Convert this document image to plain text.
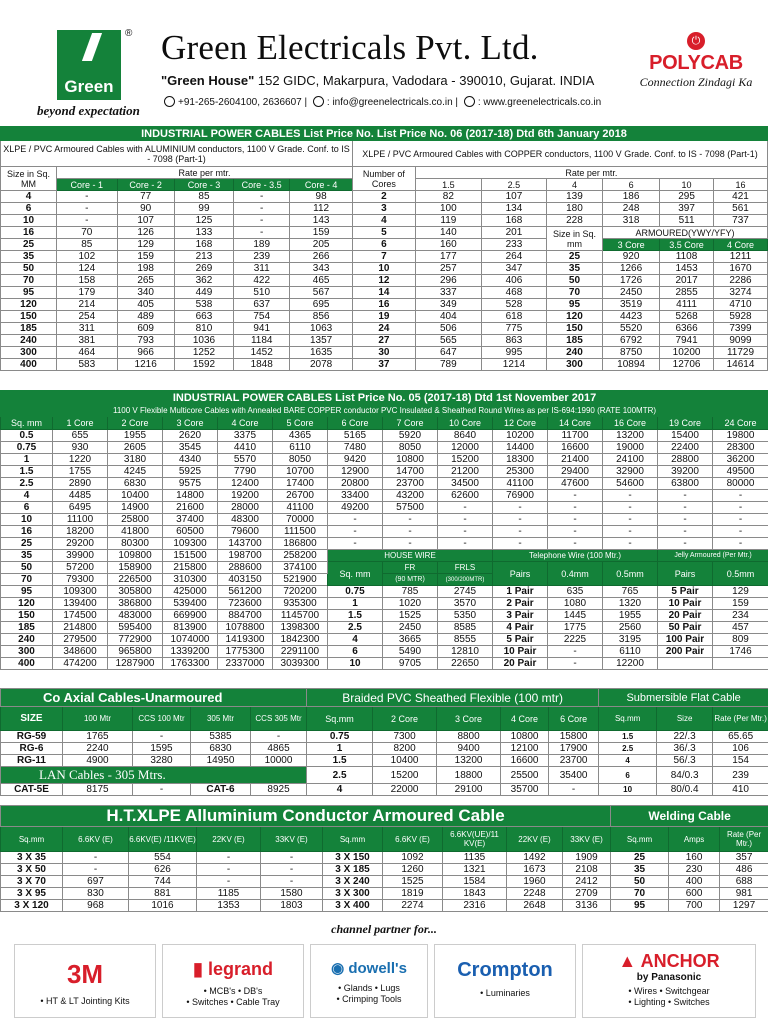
Green
®
beyond expectation
Green Electricals Pvt. Ltd.
"Green House" 152 GIDC, Makarpura, Vadodara - 390010, Gujarat. INDIA
+91-265-2604100, 2636607 | : info@greenelectricals.co.in | : www.greenelectricals.co.in
⏻
POLYCAB
Connection Zindagi Ka
INDUSTRIAL POWER CABLES List Price No. List Price No. 06 (2017-18) Dtd 6th January 2018												
XLPE / PVC Armoured Cables with ALUMINIUM conductors, 1100 V Grade. Conf. to IS - 7098 (Part-1)						XLPE / PVC Armoured Cables with COPPER conductors, 1100 V Grade. Conf. to IS - 7098 (Part-1)						
Size in Sq. MM	Rate per mtr.					Number of Cores	Rate per mtr.					
	Core - 1	Core - 2	Core - 3	Core - 3.5	Core - 4		1.5	2.5	4	6	10	16
4	-	77	85	-	98	2	82	107	139	186	295	421
6	-	90	99	-	112	3	100	134	180	248	397	561
10	-	107	125	-	143	4	119	168	228	318	511	737
16	70	126	133	-	159	5	140	201	Size in Sq. mm	ARMOURED(YWY/YFY)		
25	85	129	168	189	205	6	160	233		3 Core	3.5 Core	4 Core
35	102	159	213	239	266	7	177	264	25	920	1108	1211
50	124	198	269	311	343	10	257	347	35	1266	1453	1670
70	158	265	362	422	465	12	296	406	50	1726	2017	2286
95	179	340	449	510	567	14	337	468	70	2450	2855	3274
120	214	405	538	637	695	16	349	528	95	3519	4111	4710
150	254	489	663	754	856	19	404	618	120	4423	5268	5928
185	311	609	810	941	1063	24	506	775	150	5520	6366	7399
240	381	793	1036	1184	1357	27	565	863	185	6792	7941	9099
300	464	966	1252	1452	1635	30	647	995	240	8750	10200	11729
400	583	1216	1592	1848	2078	37	789	1214	300	10894	12706	14614
INDUSTRIAL POWER CABLES List Price No. 05 (2017-18) Dtd 1st November 2017													
1100 V Flexible Multicore Cables with Annealed BARE COPPER conductor PVC Insulated & Sheathed Round Wires as per IS-694:1990 (RATE 100MTR)													
Sq. mm	1 Core	2 Core	3 Core	4 Core	5 Core	6 Core	7 Core	10 Core	12 Core	14 Core	16 Core	19 Core	24 Core
0.5	655	1955	2620	3375	4365	5165	5920	8640	10200	11700	13200	15400	19800
0.75	930	2605	3545	4410	6110	7480	8050	12000	14400	16600	19000	22400	28300
1	1220	3180	4340	5570	8050	9420	10800	15200	18300	21400	24100	28800	36200
1.5	1755	4245	5925	7790	10700	12900	14700	21200	25300	29400	32900	39200	49500
2.5	2890	6830	9575	12400	17400	20800	23700	34500	41100	47600	54600	63800	80000
4	4485	10400	14800	19200	26700	33400	43200	62600	76900	-	-	-	-
6	6495	14900	21600	28000	41100	49200	57500	-	-	-	-	-	-
10	11100	25800	37400	48300	70000	-	-	-	-	-	-	-	-
16	18200	41800	60500	79600	111500	-	-	-	-	-	-	-	-
25	29200	80300	109300	143700	186800	-	-	-	-	-	-	-	-
35	39900	109800	151500	198700	258200	HOUSE WIRE			Telephone Wire (100 Mtr.)			Jelly Armoured (Per Mtr.)	
50	57200	158900	215800	288600	374100	Sq. mm	FR	FRLS	Pairs	0.4mm	0.5mm	Pairs	0.5mm
70	79300	226500	310300	403150	521900		(90 MTR)	(300/200MTR)					
95	109300	305800	425000	561200	720200	0.75	785	2745	1 Pair	635	765	5 Pair	129
120	139400	386800	539400	723600	935300	1	1020	3570	2 Pair	1080	1320	10 Pair	159
150	174500	483000	669900	884700	1145700	1.5	1525	5350	3 Pair	1445	1955	20 Pair	234
185	214800	595400	813900	1078800	1398300	2.5	2450	8585	4 Pair	1775	2560	50 Pair	457
240	279500	772900	1074000	1419300	1842300	4	3665	8555	5 Pair	2225	3195	100 Pair	809
300	348600	965800	1339200	1775300	2291100	6	5490	12810	10 Pair	-	6110	200 Pair	1746
400	474200	1287900	1763300	2337000	3039300	10	9705	22650	20 Pair	-	12200		
Co Axial Cables-Unarmoured					Braided PVC Sheathed Flexible (100 mtr)					Submersible Flat Cable		
SIZE	100 Mtr	CCS 100 Mtr	305 Mtr	CCS 305 Mtr	Sq.mm	2 Core	3 Core	4 Core	6 Core	Sq.mm	Size	Rate (Per Mtr.)
RG-59	1765	-	5385	-	0.75	7300	8800	10800	15800	1.5	22/.3	65.65
RG-6	2240	1595	6830	4865	1	8200	9400	12100	17900	2.5	36/.3	106
RG-11	4900	3280	14950	10000	1.5	10400	13200	16600	23700	4	56/.3	154
LAN Cables - 305 Mtrs.					2.5	15200	18800	25500	35400	6	84/0.3	239
CAT-5E	8175	-	CAT-6	8925	4	22000	29100	35700	-	10	80/0.4	410
H.T.XLPE Alluminium Conductor Armoured Cable										Welding Cable		
Sq.mm	6.6KV (E)	6.6KV(E) /11KV(E)	22KV (E)	33KV (E)	Sq.mm	6.6KV (E)	6.6KV(UE)/11 KV(E)	22KV (E)	33KV (E)	Sq.mm	Amps	Rate (Per Mtr.)
3 X 35	-	554	-	-	3 X 150	1092	1135	1492	1909	25	160	357
3 X 50	-	626	-	-	3 X 185	1260	1321	1673	2108	35	230	486
3 X 70	697	744	-	-	3 X 240	1525	1584	1960	2412	50	400	688
3 X 95	830	881	1185	1580	3 X 300	1819	1843	2248	2709	70	600	981
3 X 120	968	1016	1353	1803	3 X 400	2274	2316	2648	3136	95	700	1297
channel partner for...
3M
• HT & LT Jointing Kits
▮ legrand
• MCB's • DB's
• Switches • Cable Tray
◉ dowell's
• Glands • Lugs
• Crimping Tools
Crompton
• Luminaries
▲ ANCHOR
by Panasonic
• Wires • Switchgear
• Lighting • Switches
